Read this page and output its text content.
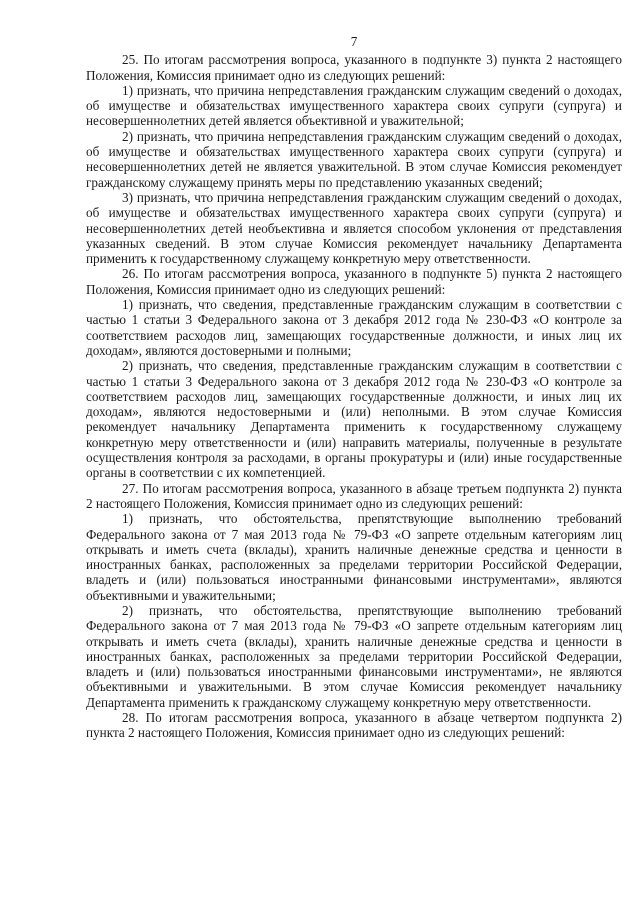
7

25. По итогам рассмотрения вопроса, указанного в подпункте 3) пункта 2 настоящего Положения, Комиссия принимает одно из следующих решений:

1) признать, что причина непредставления гражданским служащим сведений о доходах, об имуществе и обязательствах имущественного характера своих супруги (супруга) и несовершеннолетних детей является объективной и уважительной;

2) признать, что причина непредставления гражданским служащим сведений о доходах, об имуществе и обязательствах имущественного характера своих супруги (супруга) и несовершеннолетних детей не является уважительной. В этом случае Комиссия рекомендует гражданскому служащему принять меры по представлению указанных сведений;

3) признать, что причина непредставления гражданским служащим сведений о доходах, об имуществе и обязательствах имущественного характера своих супруги (супруга) и несовершеннолетних детей необъективна и является способом уклонения от представления указанных сведений. В этом случае Комиссия рекомендует начальнику Департамента применить к государственному служащему конкретную меру ответственности.

26. По итогам рассмотрения вопроса, указанного в подпункте 5) пункта 2 настоящего Положения, Комиссия принимает одно из следующих решений:

1) признать, что сведения, представленные гражданским служащим в соответствии с частью 1 статьи 3 Федерального закона от 3 декабря 2012 года № 230-ФЗ «О контроле за соответствием расходов лиц, замещающих государственные должности, и иных лиц их доходам», являются достоверными и полными;

2) признать, что сведения, представленные гражданским служащим в соответствии с частью 1 статьи 3 Федерального закона от 3 декабря 2012 года № 230-ФЗ «О контроле за соответствием расходов лиц, замещающих государственные должности, и иных лиц их доходам», являются недостоверными и (или) неполными. В этом случае Комиссия рекомендует начальнику Департамента применить к государственному служащему конкретную меру ответственности и (или) направить материалы, полученные в результате осуществления контроля за расходами, в органы прокуратуры и (или) иные государственные органы в соответствии с их компетенцией.

27. По итогам рассмотрения вопроса, указанного в абзаце третьем подпункта 2) пункта 2 настоящего Положения, Комиссия принимает одно из следующих решений:

1) признать, что обстоятельства, препятствующие выполнению требований Федерального закона от 7 мая 2013 года № 79-ФЗ «О запрете отдельным категориям лиц открывать и иметь счета (вклады), хранить наличные денежные средства и ценности в иностранных банках, расположенных за пределами территории Российской Федерации, владеть и (или) пользоваться иностранными финансовыми инструментами», являются объективными и уважительными;

2) признать, что обстоятельства, препятствующие выполнению требований Федерального закона от 7 мая 2013 года № 79-ФЗ «О запрете отдельным категориям лиц открывать и иметь счета (вклады), хранить наличные денежные средства и ценности в иностранных банках, расположенных за пределами территории Российской Федерации, владеть и (или) пользоваться иностранными финансовыми инструментами», не являются объективными и уважительными. В этом случае Комиссия рекомендует начальнику Департамента применить к гражданскому служащему конкретную меру ответственности.

28. По итогам рассмотрения вопроса, указанного в абзаце четвертом подпункта 2) пункта 2 настоящего Положения, Комиссия принимает одно из следующих решений:
